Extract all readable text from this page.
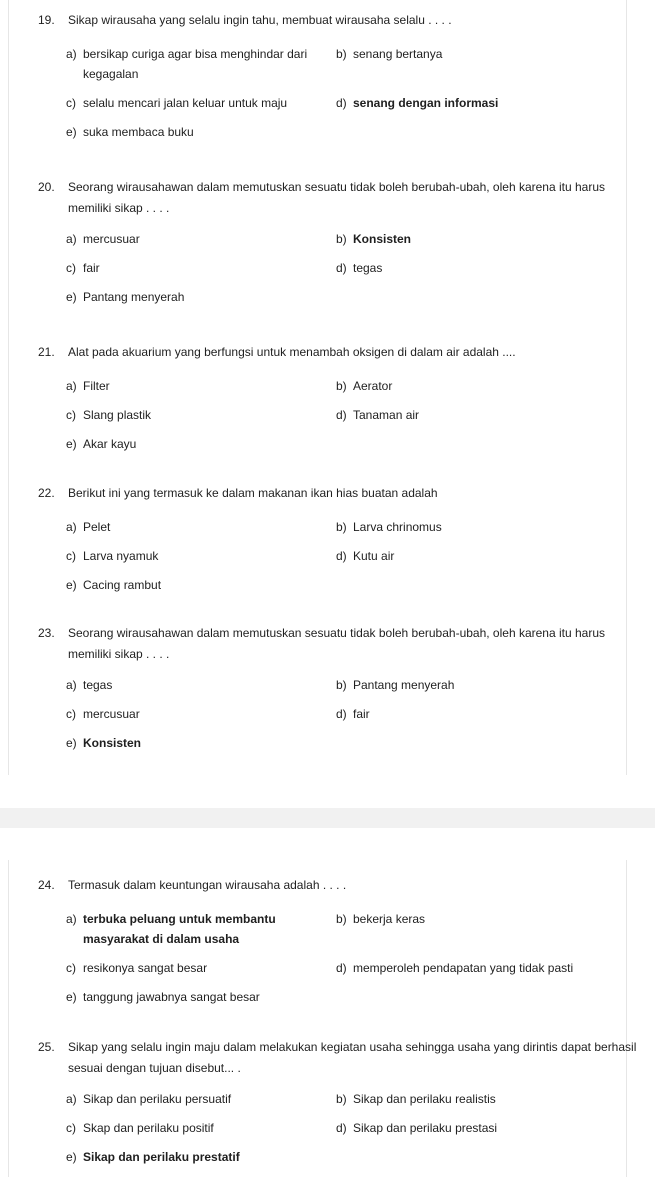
19. Sikap wirausaha yang selalu ingin tahu, membuat wirausaha selalu . . . .
a) bersikap curiga agar bisa menghindar dari kegagalan
b) senang bertanya
c) selalu mencari jalan keluar untuk maju	d) senang dengan informasi
e) suka membaca buku
20. Seorang wirausahawan dalam memutuskan sesuatu tidak boleh berubah-ubah, oleh karena itu harus memiliki sikap . . . .
a) mercusuar	b) Konsisten
c) fair	d) tegas
e) Pantang menyerah
21. Alat pada akuarium yang berfungsi untuk menambah oksigen di dalam air adalah ....
a) Filter	b) Aerator
c) Slang plastik	d) Tanaman air
e) Akar kayu
22. Berikut ini yang termasuk ke dalam makanan ikan hias buatan adalah
a) Pelet	b) Larva chrinomus
c) Larva nyamuk	d) Kutu air
e) Cacing rambut
23. Seorang wirausahawan dalam memutuskan sesuatu tidak boleh berubah-ubah, oleh karena itu harus memiliki sikap . . . .
a) tegas	b) Pantang menyerah
c) mercusuar	d) fair
e) Konsisten
24. Termasuk dalam keuntungan wirausaha adalah . . . .
a) terbuka peluang untuk membantu masyarakat di dalam usaha
b) bekerja keras
c) resikonya sangat besar	d) memperoleh pendapatan yang tidak pasti
e) tanggung jawabnya sangat besar
25. Sikap yang selalu ingin maju dalam melakukan kegiatan usaha sehingga usaha yang dirintis dapat berhasil sesuai dengan tujuan disebut... .
a) Sikap dan perilaku persuatif	b) Sikap dan perilaku realistis
c) Skap dan perilaku positif	d) Sikap dan perilaku prestasi
e) Sikap dan perilaku prestatif
